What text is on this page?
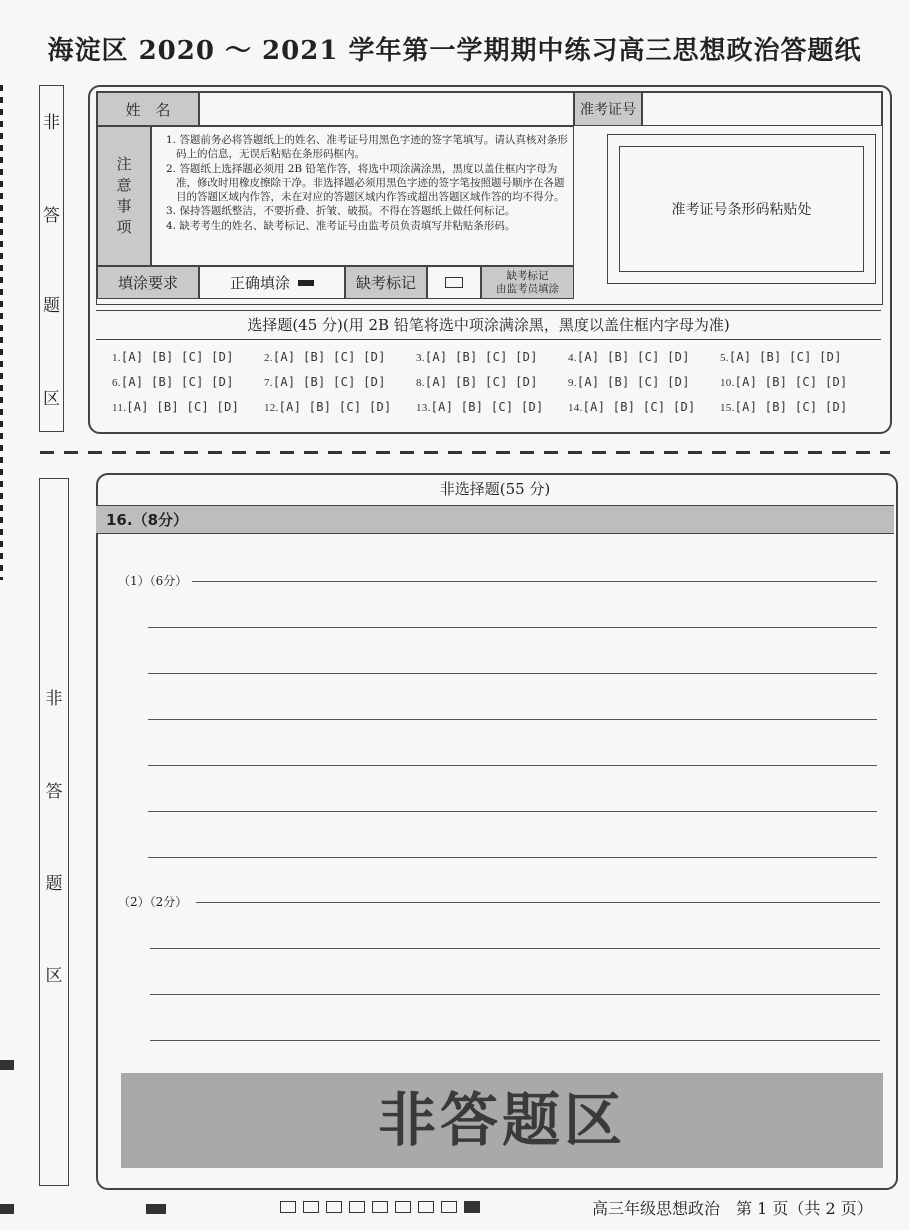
海淀区 2020 ～ 2021 学年第一学期期中练习高三思想政治答题纸
非
答
题
区
非
答
题
区
姓　名	准考证号
注
意
事
项
1. 答题前务必将答题纸上的姓名、准考证号用黑色字迹的签字笔填写。请认真核对条形码上的信息，无误后粘贴在条形码框内。
2. 答题纸上选择题必须用 2B 铅笔作答，将选中项涂满涂黑，黑度以盖住框内字母为准，修改时用橡皮擦除干净。非选择题必须用黑色字迹的签字笔按照题号顺序在各题目的答题区域内作答，未在对应的答题区域内作答或超出答题区域作答的均不得分。
3. 保持答题纸整洁，不要折叠、折皱、破损。不得在答题纸上做任何标记。
4. 缺考考生的姓名、缺考标记、准考证号由监考员负责填写并粘贴条形码。
填涂要求	正确填涂	缺考标记	缺考标记
由监考员填涂
准考证号条形码粘贴处
选择题(45 分)(用 2B 铅笔将选中项涂满涂黑，黑度以盖住框内字母为准)
1.[A] [B] [C] [D]	2.[A] [B] [C] [D]	3.[A] [B] [C] [D]	4.[A] [B] [C] [D]	5.[A] [B] [C] [D]
6.[A] [B] [C] [D]	7.[A] [B] [C] [D]	8.[A] [B] [C] [D]	9.[A] [B] [C] [D]	10.[A] [B] [C] [D]
11.[A] [B] [C] [D]	12.[A] [B] [C] [D]	13.[A] [B] [C] [D]	14.[A] [B] [C] [D]	15.[A] [B] [C] [D]
非选择题(55 分)
16.（8分）
（1）（6分）
（2）（2分）
非答题区
高三年级思想政治　第 1 页（共 2 页）
